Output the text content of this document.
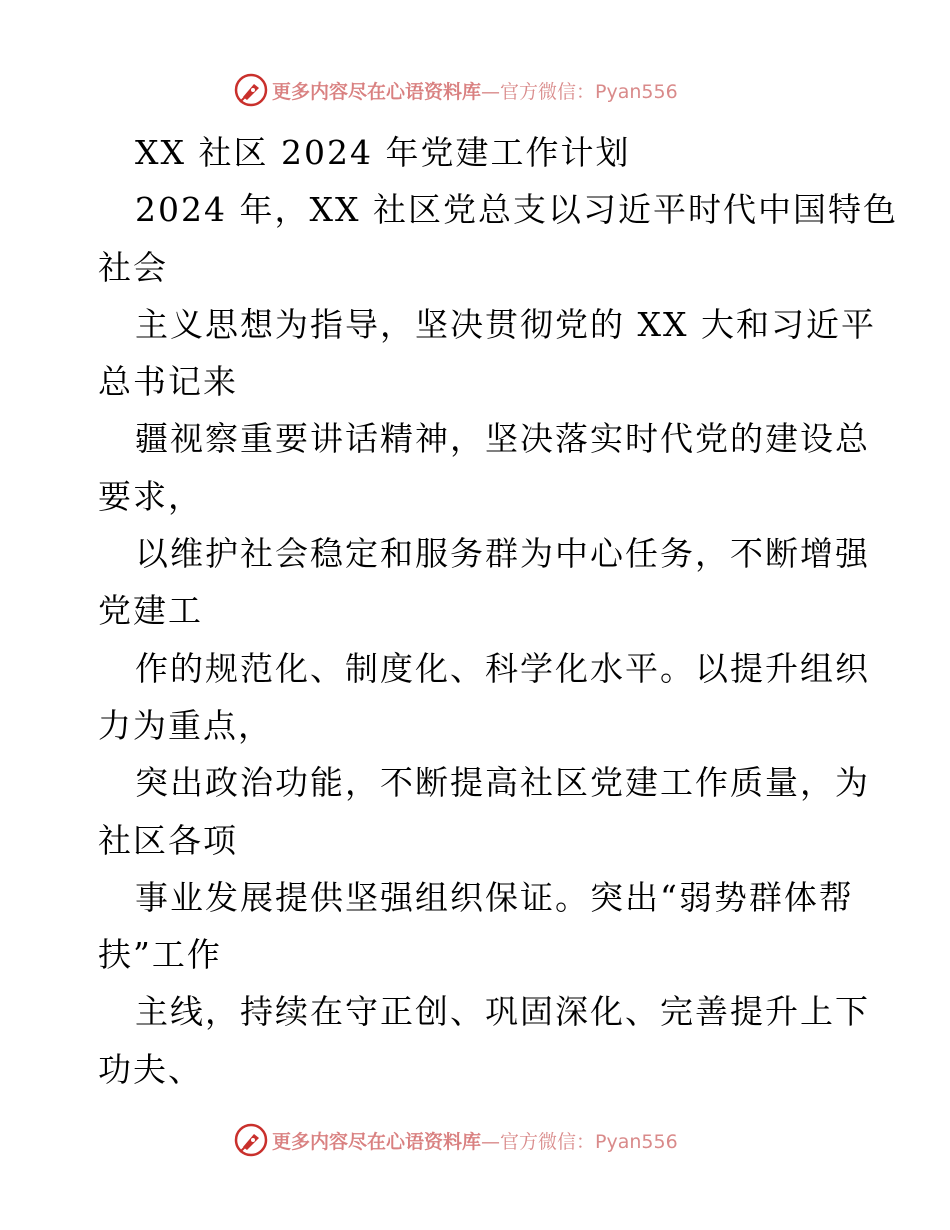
更多内容尽在心语资料库—官方微信：Pyan556
XX 社区 2024 年党建工作计划
2024 年，XX 社区党总支以习近平时代中国特色
社会
主义思想为指导，坚决贯彻党的 XX 大和习近平
总书记来
疆视察重要讲话精神，坚决落实时代党的建设总
要求，
以维护社会稳定和服务群为中心任务，不断增强
党建工
作的规范化、制度化、科学化水平。以提升组织
力为重点，
突出政治功能，不断提高社区党建工作质量，为
社区各项
事业发展提供坚强组织保证。突出“弱势群体帮
扶”工作
主线，持续在守正创、巩固深化、完善提升上下
功夫、
更多内容尽在心语资料库—官方微信：Pyan556
